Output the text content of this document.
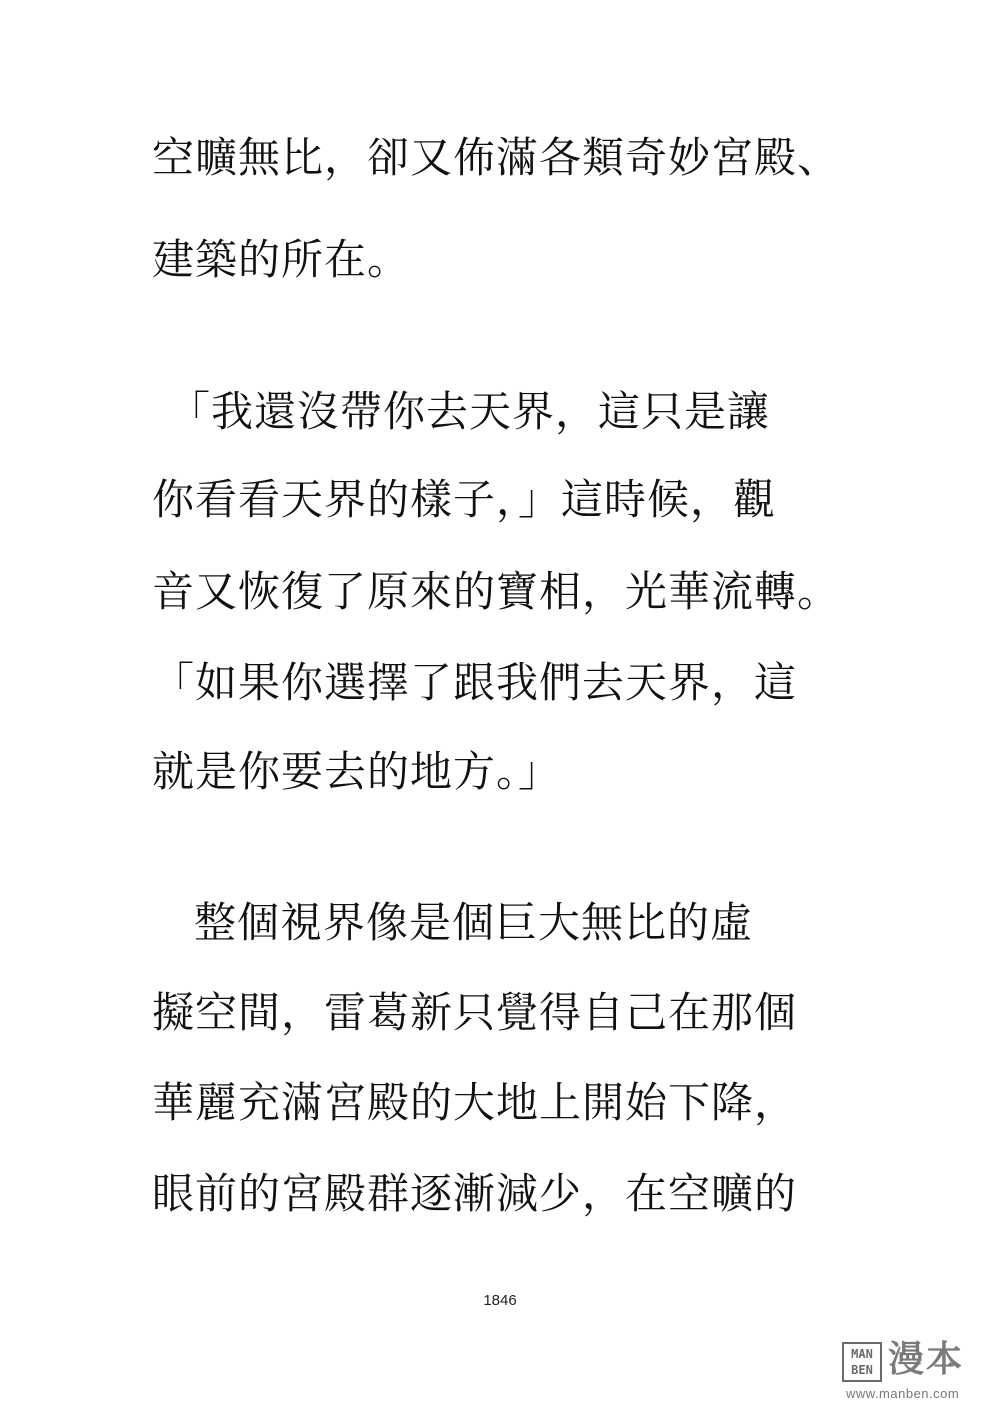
空曠無比，卻又佈滿各類奇妙宮殿、
建築的所在。
「我還沒帶你去天界，這只是讓
你看看天界的樣子，」這時候，觀
音又恢復了原來的寶相，光華流轉。
「如果你選擇了跟我們去天界，這
就是你要去的地方。」
整個視界像是個巨大無比的虛
擬空間，雷葛新只覺得自己在那個
華麗充滿宮殿的大地上開始下降，
眼前的宮殿群逐漸減少，在空曠的
1846
MAN
BEN 漫本
www.manben.com
